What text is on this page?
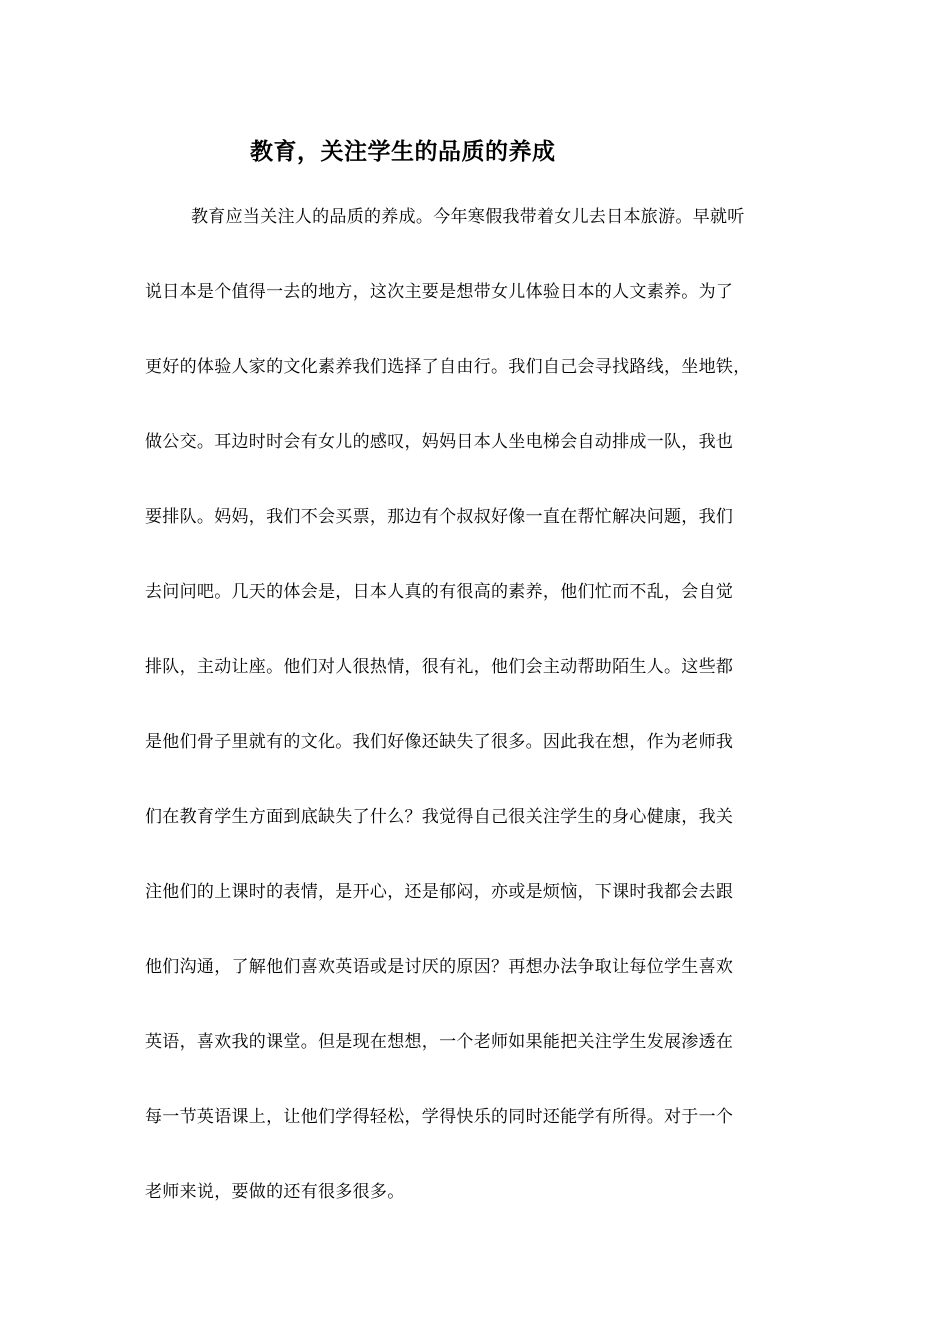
教育，关注学生的品质的养成
教育应当关注人的品质的养成。今年寒假我带着女儿去日本旅游。早就听
说日本是个值得一去的地方，这次主要是想带女儿体验日本的人文素养。为了
更好的体验人家的文化素养我们选择了自由行。我们自己会寻找路线，坐地铁，
做公交。耳边时时会有女儿的感叹，妈妈日本人坐电梯会自动排成一队，我也
要排队。妈妈，我们不会买票，那边有个叔叔好像一直在帮忙解决问题，我们
去问问吧。几天的体会是，日本人真的有很高的素养，他们忙而不乱，会自觉
排队，主动让座。他们对人很热情，很有礼，他们会主动帮助陌生人。这些都
是他们骨子里就有的文化。我们好像还缺失了很多。因此我在想，作为老师我
们在教育学生方面到底缺失了什么？我觉得自己很关注学生的身心健康，我关
注他们的上课时的表情，是开心，还是郁闷，亦或是烦恼，下课时我都会去跟
他们沟通，了解他们喜欢英语或是讨厌的原因？再想办法争取让每位学生喜欢
英语，喜欢我的课堂。但是现在想想，一个老师如果能把关注学生发展渗透在
每一节英语课上，让他们学得轻松，学得快乐的同时还能学有所得。对于一个
老师来说，要做的还有很多很多。
